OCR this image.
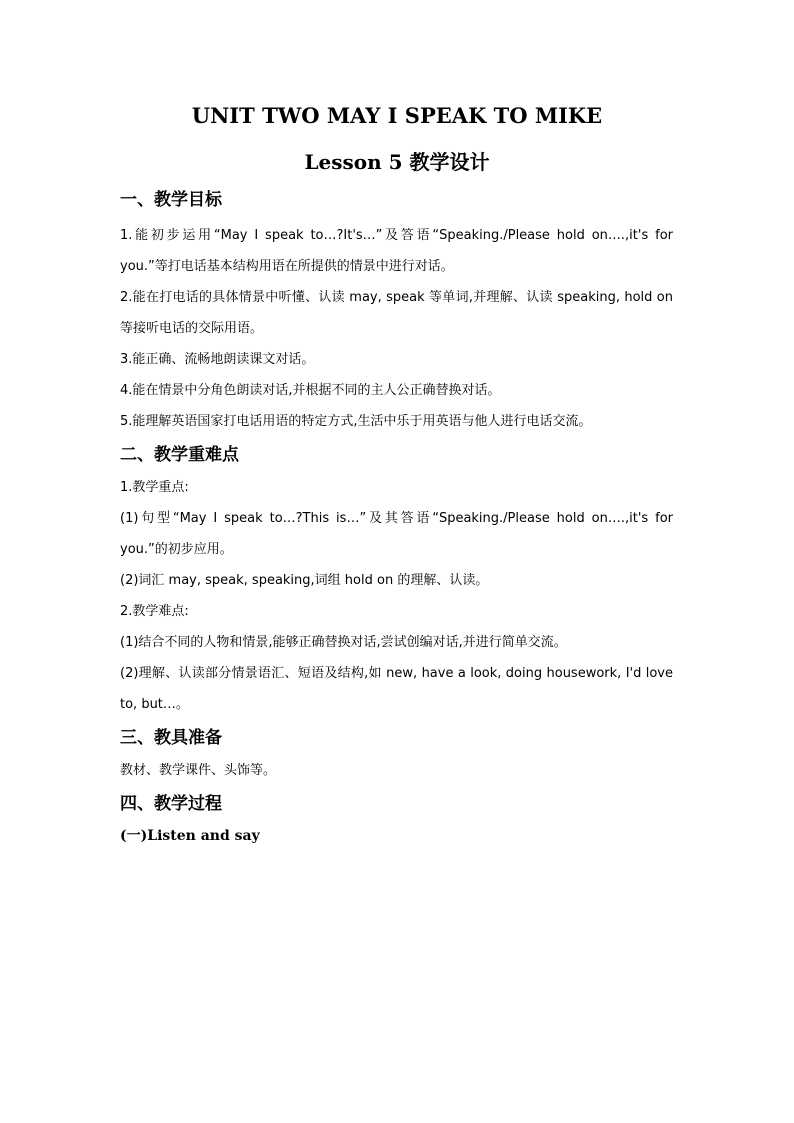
UNIT TWO MAY I SPEAK TO MIKE
Lesson 5 教学设计
一、教学目标

1.能初步运用“May I speak to…?It's…”及答语“Speaking./Please hold on….,it's for you.”等打电话基本结构用语在所提供的情景中进行对话。

2.能在打电话的具体情景中听懂、认读 may, speak 等单词,并理解、认读 speaking, hold on 等接听电话的交际用语。

3.能正确、流畅地朗读课文对话。

4.能在情景中分角色朗读对话,并根据不同的主人公正确替换对话。

5.能理解英语国家打电话用语的特定方式,生活中乐于用英语与他人进行电话交流。

二、教学重难点

1.教学重点:

(1)句型“May I speak to…?This is…”及其答语“Speaking./Please hold on….,it's for you.”的初步应用。

(2)词汇 may, speak, speaking,词组 hold on 的理解、认读。

2.教学难点:

(1)结合不同的人物和情景,能够正确替换对话,尝试创编对话,并进行简单交流。

(2)理解、认读部分情景语汇、短语及结构,如 new, have a look, doing housework, I'd love to, but…。

三、教具准备

教材、教学课件、头饰等。

四、教学过程

(一)Listen and say
